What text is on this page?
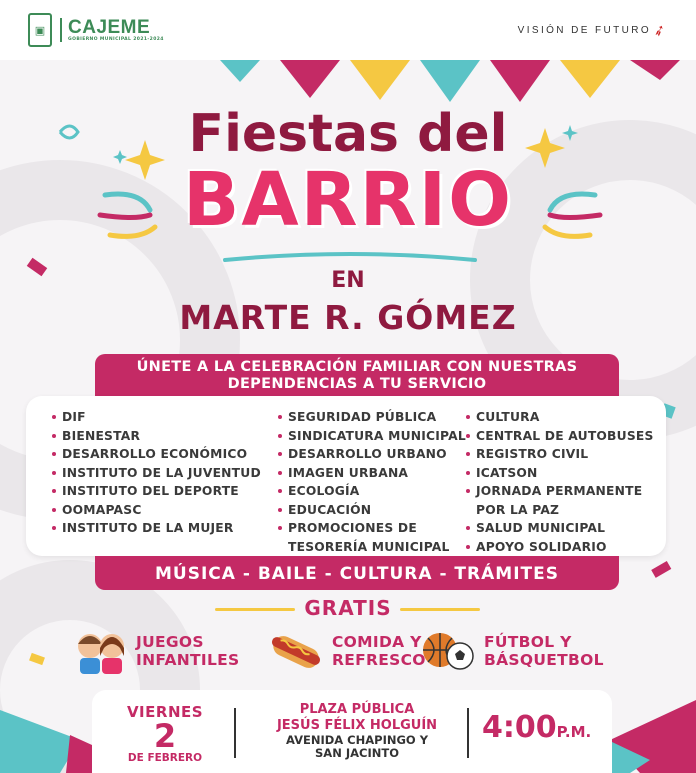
▣	CAJEME
GOBIERNO MUNICIPAL 2021-2024
VISIÓN DE FUTURO ➶
Fiestas del
BARRIO
EN
MARTE R. GÓMEZ
ÚNETE A LA CELEBRACIÓN FAMILIAR CON NUESTRAS
DEPENDENCIAS A TU SERVICIO
DIF
BIENESTAR
DESARROLLO ECONÓMICO
INSTITUTO DE LA JUVENTUD
INSTITUTO DEL DEPORTE
OOMAPASC
INSTITUTO DE LA MUJER
SEGURIDAD PÚBLICA
SINDICATURA MUNICIPAL
DESARROLLO URBANO
IMAGEN URBANA
ECOLOGÍA
EDUCACIÓN
PROMOCIONES DE
TESORERÍA MUNICIPAL
CULTURA
CENTRAL DE AUTOBUSES
REGISTRO CIVIL
ICATSON
JORNADA PERMANENTE
POR LA PAZ
SALUD MUNICIPAL
APOYO SOLIDARIO
MÚSICA - BAILE - CULTURA - TRÁMITES
GRATIS
JUEGOS
INFANTILES
COMIDA Y
REFRESCO
FÚTBOL Y
BÁSQUETBOL
VIERNES
2
DE FEBRERO
PLAZA PÚBLICA
JESÚS FÉLIX HOLGUÍN
AVENIDA CHAPINGO Y
SAN JACINTO
4:00P.M.
